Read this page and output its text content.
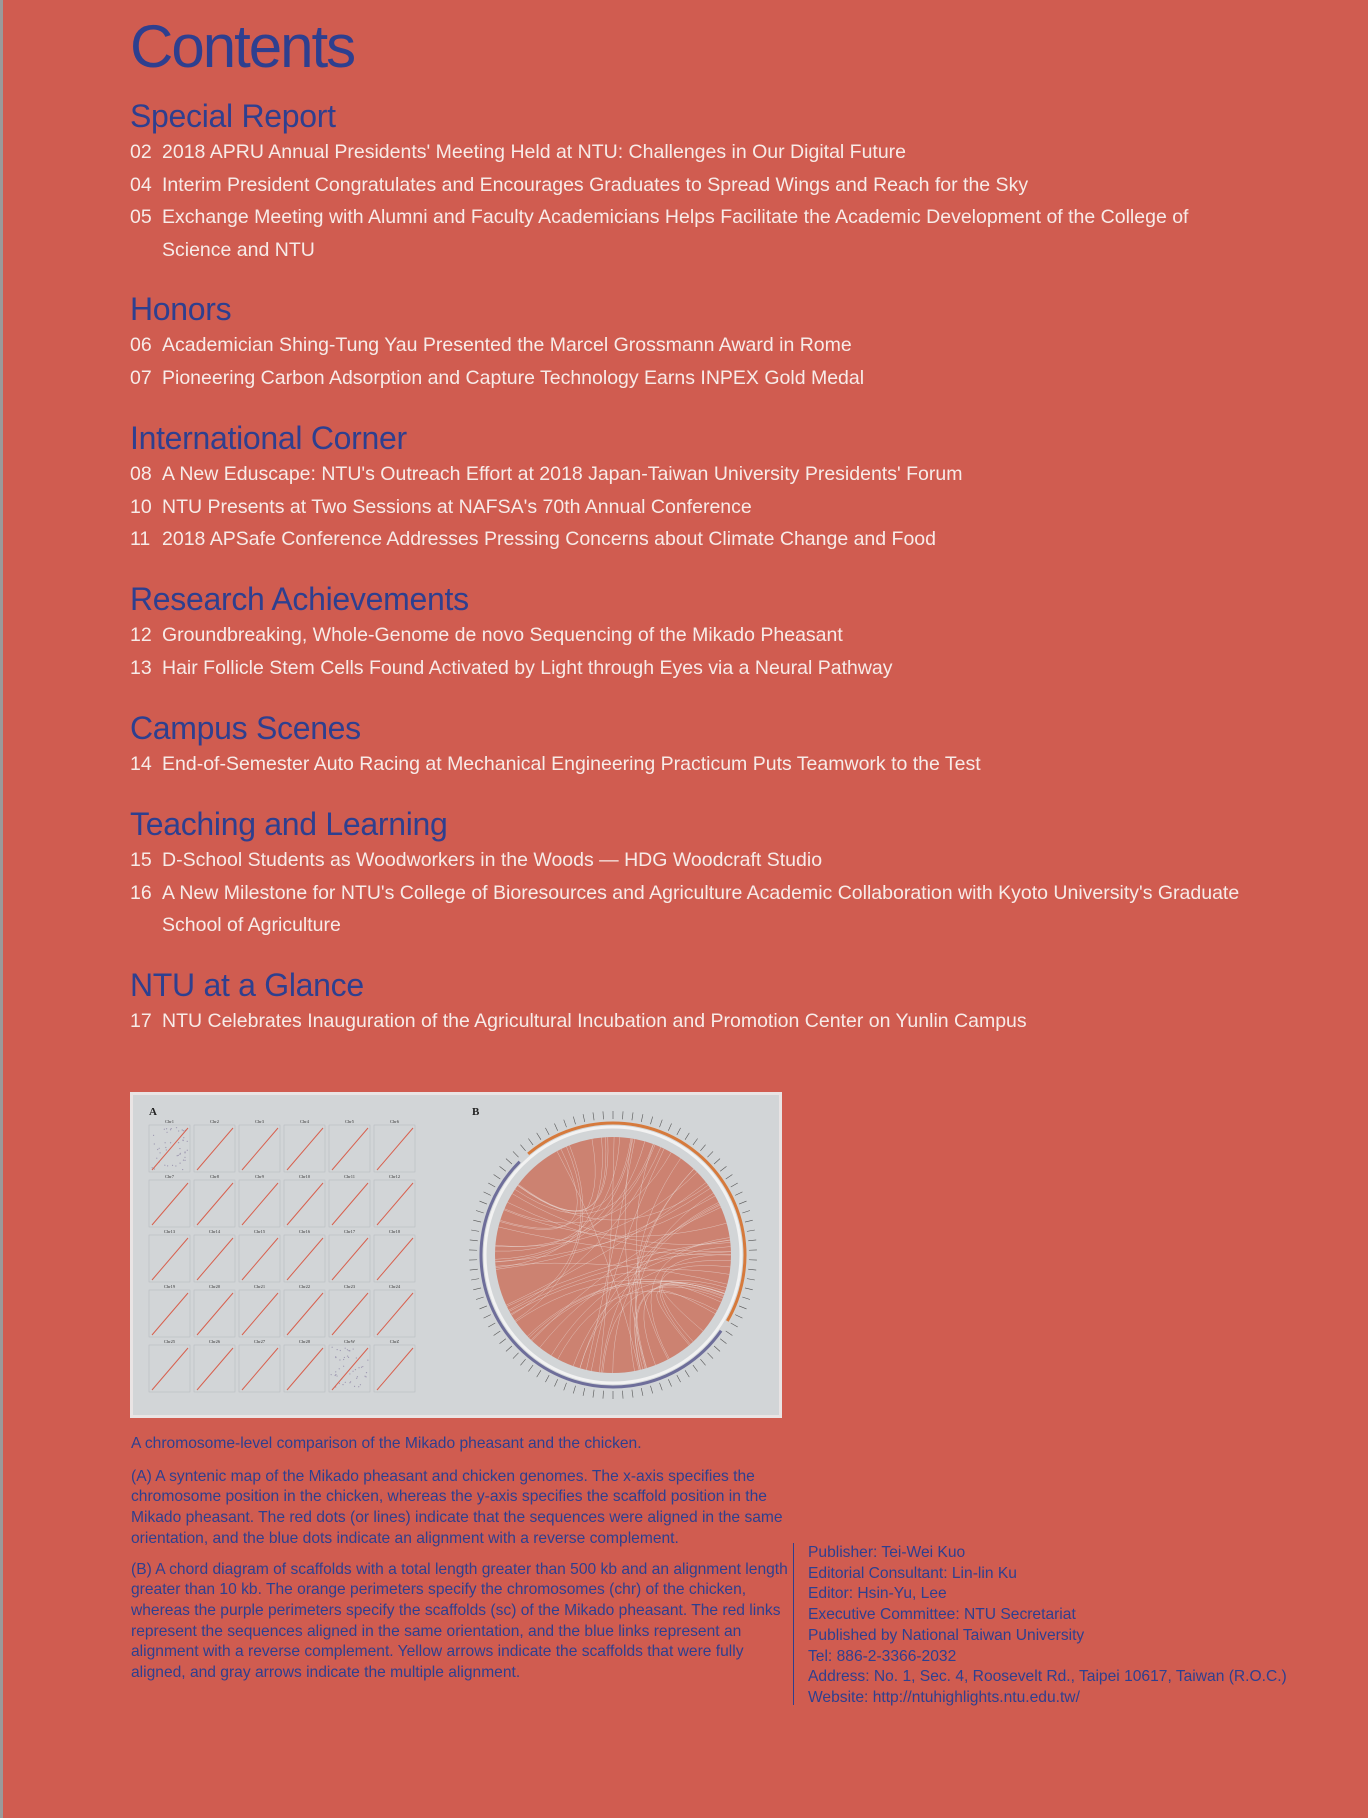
Contents
Special Report
02 2018 APRU Annual Presidents' Meeting Held at NTU: Challenges in Our Digital Future
04 Interim President Congratulates and Encourages Graduates to Spread Wings and Reach for the Sky
05 Exchange Meeting with Alumni and Faculty Academicians Helps Facilitate the Academic Development of the College of Science and NTU
Honors
06 Academician Shing-Tung Yau Presented the Marcel Grossmann Award in Rome
07 Pioneering Carbon Adsorption and Capture Technology Earns INPEX Gold Medal
International Corner
08 A New Eduscape: NTU's Outreach Effort at 2018 Japan-Taiwan University Presidents' Forum
10 NTU Presents at Two Sessions at NAFSA's 70th Annual Conference
11 2018 APSafe Conference Addresses Pressing Concerns about Climate Change and Food
Research Achievements
12 Groundbreaking, Whole-Genome de novo Sequencing of the Mikado Pheasant
13 Hair Follicle Stem Cells Found Activated by Light through Eyes via a Neural Pathway
Campus Scenes
14 End-of-Semester Auto Racing at Mechanical Engineering Practicum Puts Teamwork to the Test
Teaching and Learning
15 D-School Students as Woodworkers in the Woods — HDG Woodcraft Studio
16 A New Milestone for NTU's College of Bioresources and Agriculture Academic Collaboration with Kyoto University's Graduate School of Agriculture
NTU at a Glance
17 NTU Celebrates Inauguration of the Agricultural Incubation and Promotion Center on Yunlin Campus
A	B
Chr1	Chr2	Chr3	Chr4	Chr5	Chr6
Chr7	Chr8	Chr9	Chr10	Chr11	Chr12
Chr13	Chr14	Chr15	Chr16	Chr17	Chr18
Chr19	Chr20	Chr21	Chr22	Chr23	Chr24
Chr25	Chr26	Chr27	Chr28	ChrW	ChrZ

A chromosome-level comparison of the Mikado pheasant and the chicken.

(A) A syntenic map of the Mikado pheasant and chicken genomes. The x-axis specifies the chromosome position in the chicken, whereas the y-axis specifies the scaffold position in the Mikado pheasant. The red dots (or lines) indicate that the sequences were aligned in the same orientation, and the blue dots indicate an alignment with a reverse complement.

(B) A chord diagram of scaffolds with a total length greater than 500 kb and an alignment length greater than 10 kb. The orange perimeters specify the chromosomes (chr) of the chicken, whereas the purple perimeters specify the scaffolds (sc) of the Mikado pheasant. The red links represent the sequences aligned in the same orientation, and the blue links represent an alignment with a reverse complement. Yellow arrows indicate the scaffolds that were fully aligned, and gray arrows indicate the multiple alignment.

Publisher: Tei-Wei Kuo
Editorial Consultant: Lin-lin Ku
Editor: Hsin-Yu, Lee
Executive Committee: NTU Secretariat
Published by National Taiwan University
Tel: 886-2-3366-2032
Address: No. 1, Sec. 4, Roosevelt Rd., Taipei 10617, Taiwan (R.O.C.)
Website: http://ntuhighlights.ntu.edu.tw/
